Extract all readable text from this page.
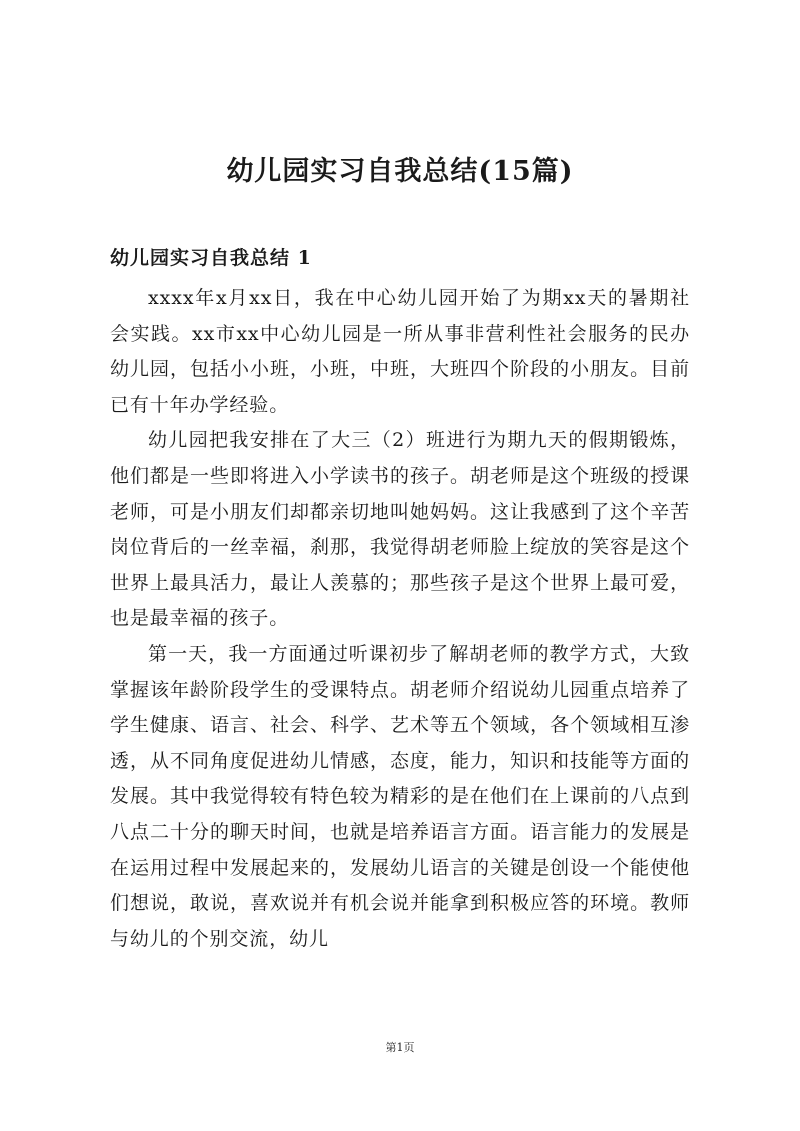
幼儿园实习自我总结(15篇)
幼儿园实习自我总结 1

xxxx年x月xx日，我在中心幼儿园开始了为期xx天的暑期社会实践。xx市xx中心幼儿园是一所从事非营利性社会服务的民办幼儿园，包括小小班，小班，中班，大班四个阶段的小朋友。目前已有十年办学经验。

幼儿园把我安排在了大三（2）班进行为期九天的假期锻炼，他们都是一些即将进入小学读书的孩子。胡老师是这个班级的授课老师，可是小朋友们却都亲切地叫她妈妈。这让我感到了这个辛苦岗位背后的一丝幸福，刹那，我觉得胡老师脸上绽放的笑容是这个世界上最具活力，最让人羡慕的；那些孩子是这个世界上最可爱，也是最幸福的孩子。

第一天，我一方面通过听课初步了解胡老师的教学方式，大致掌握该年龄阶段学生的受课特点。胡老师介绍说幼儿园重点培养了学生健康、语言、社会、科学、艺术等五个领域，各个领域相互渗透，从不同角度促进幼儿情感，态度，能力，知识和技能等方面的发展。其中我觉得较有特色较为精彩的是在他们在上课前的八点到八点二十分的聊天时间，也就是培养语言方面。语言能力的发展是在运用过程中发展起来的，发展幼儿语言的关键是创设一个能使他们想说，敢说，喜欢说并有机会说并能拿到积极应答的环境。教师与幼儿的个别交流，幼儿

第1页
